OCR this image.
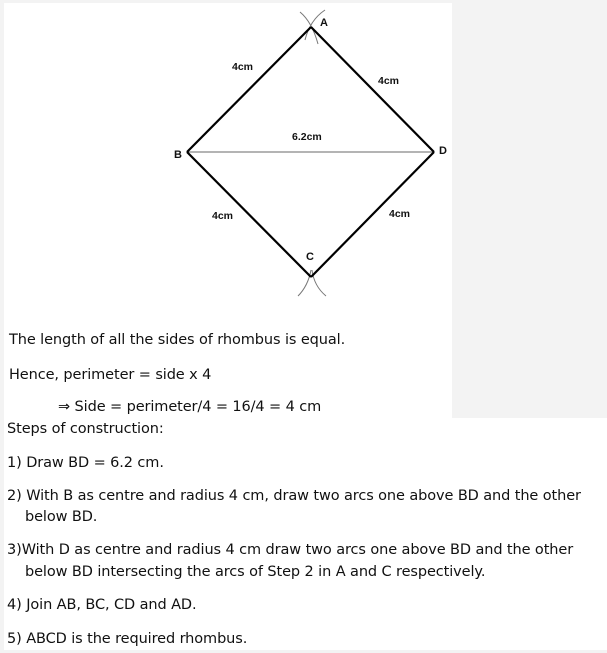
A
B
C
D
4cm
4cm
6.2cm
4cm	4cm
The length of all the sides of rhombus is equal.
Hence, perimeter = side x 4
⇒ Side = perimeter/4 = 16/4 = 4 cm
Steps of construction:
1) Draw BD = 6.2 cm.
2) With B as centre and radius 4 cm, draw two arcs one above BD and the other
below BD.
3)With D as centre and radius 4 cm draw two arcs one above BD and the other
below BD intersecting the arcs of Step 2 in A and C respectively.
4) Join AB, BC, CD and AD.
5) ABCD is the required rhombus.
